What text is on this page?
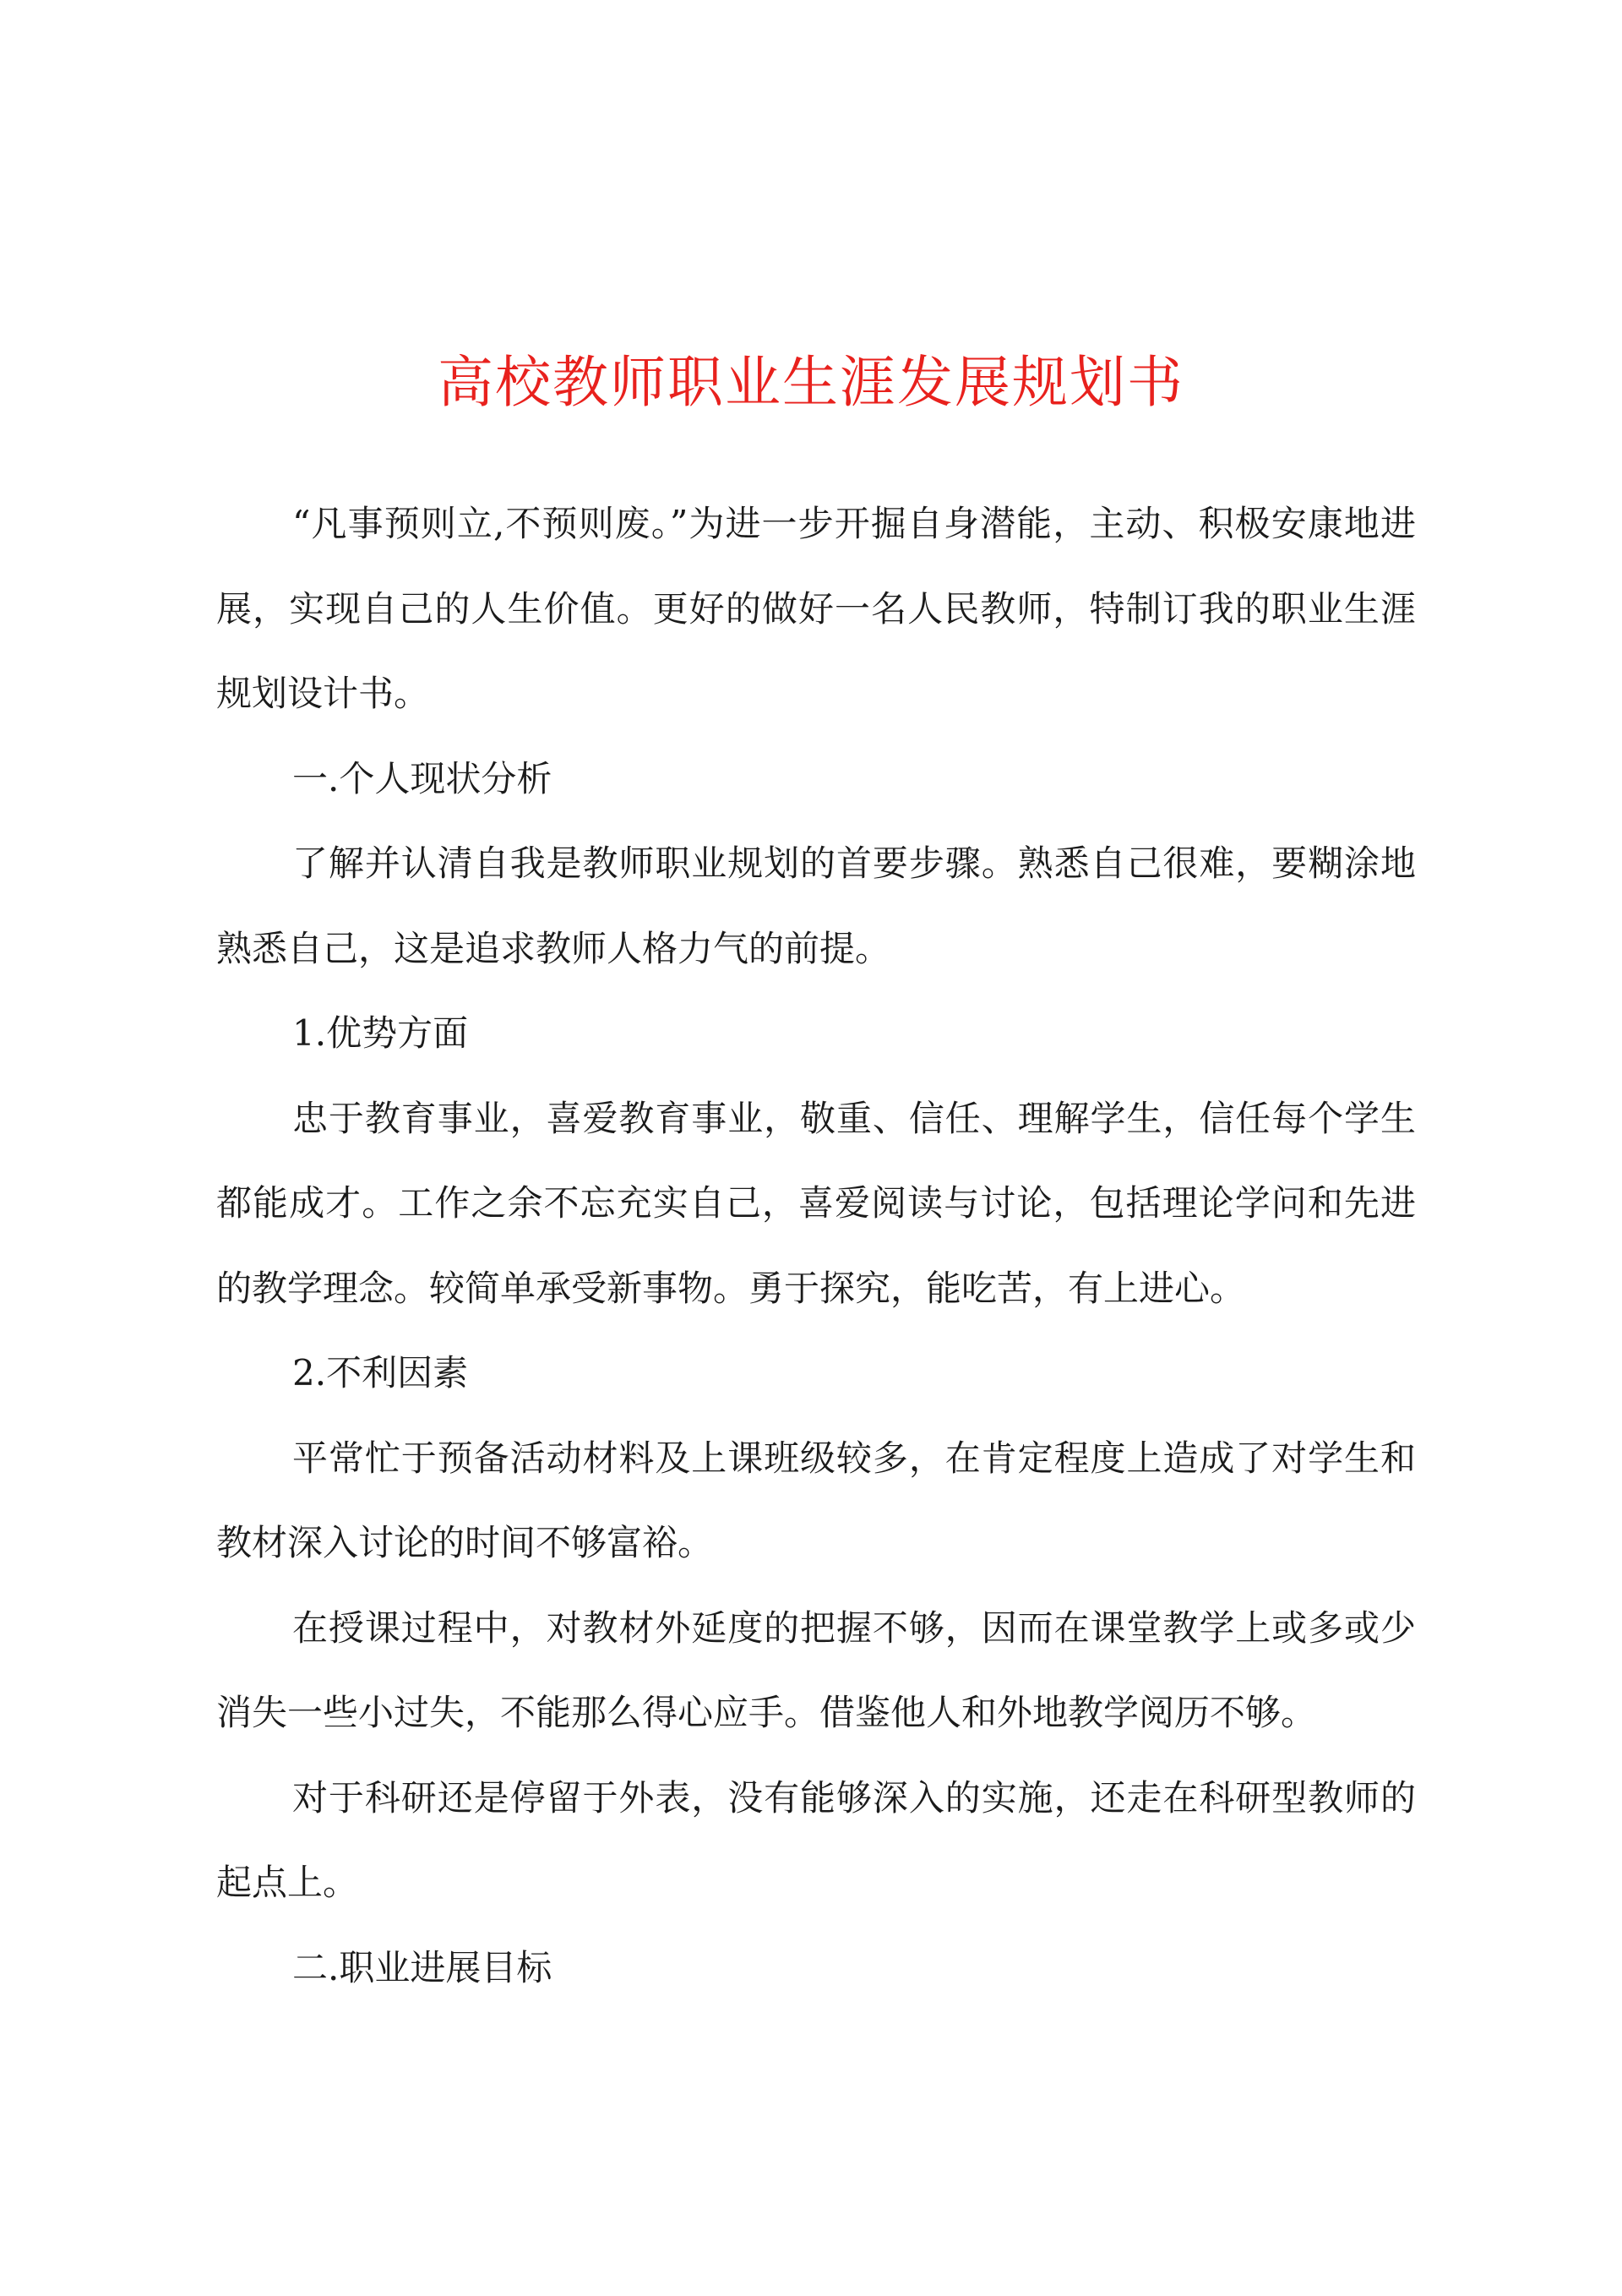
高校教师职业生涯发展规划书

“凡事预则立,不预则废。”为进一步开掘自身潜能，主动、积极安康地进展，实现自己的人生价值。更好的做好一名人民教师，特制订我的职业生涯规划设计书。

一.个人现状分析

了解并认清自我是教师职业规划的首要步骤。熟悉自己很难，要糊涂地熟悉自己，这是追求教师人格力气的前提。

1.优势方面

忠于教育事业，喜爱教育事业，敬重、信任、理解学生，信任每个学生都能成才。工作之余不忘充实自己，喜爱阅读与讨论，包括理论学问和先进的教学理念。较简单承受新事物。勇于探究，能吃苦，有上进心。

2.不利因素

平常忙于预备活动材料及上课班级较多，在肯定程度上造成了对学生和教材深入讨论的时间不够富裕。

在授课过程中，对教材外延度的把握不够，因而在课堂教学上或多或少消失一些小过失，不能那么得心应手。借鉴他人和外地教学阅历不够。

对于科研还是停留于外表，没有能够深入的实施，还走在科研型教师的起点上。

二.职业进展目标
